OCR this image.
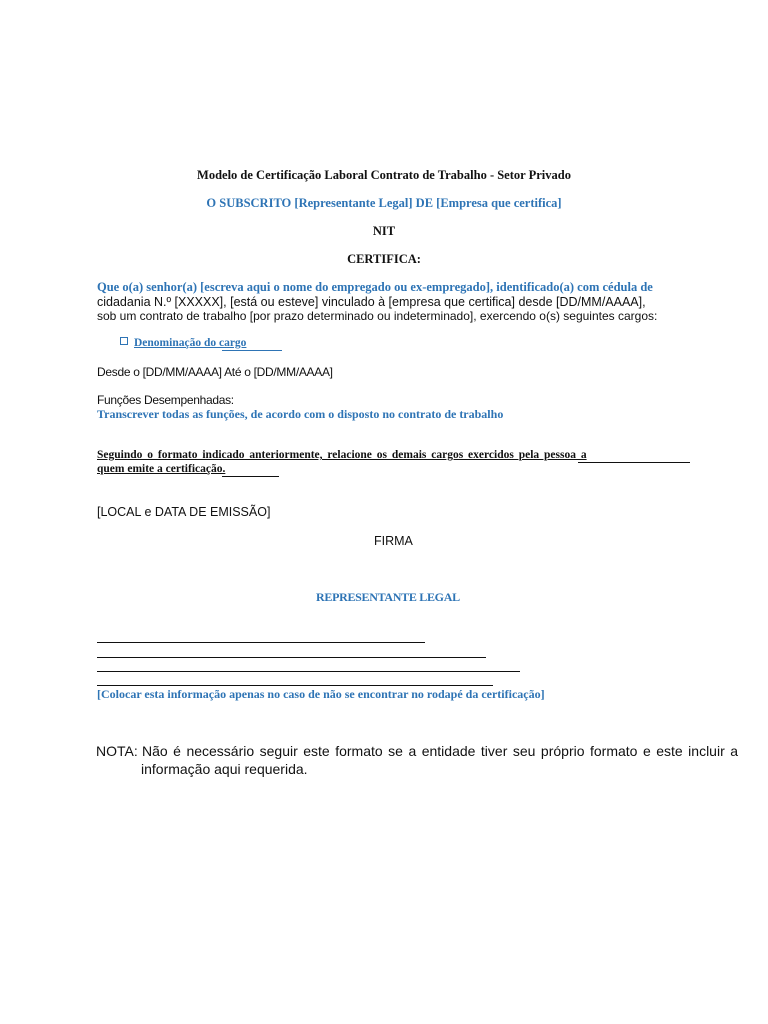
Modelo de Certificação Laboral Contrato de Trabalho - Setor Privado
O SUBSCRITO [Representante Legal] DE [Empresa que certifica]
NIT
CERTIFICA:
Que o(a) senhor(a) [escreva aqui o nome do empregado ou ex-empregado], identificado(a) com cédula de
cidadania N.º [XXXXX], [está ou esteve] vinculado à [empresa que certifica] desde [DD/MM/AAAA],
sob um contrato de trabalho [por prazo determinado ou indeterminado], exercendo o(s) seguintes cargos:
Denominação do cargo
Desde o [DD/MM/AAAA] Até o [DD/MM/AAAA]
Funções Desempenhadas:
Transcrever todas as funções, de acordo com o disposto no contrato de trabalho
Seguindo o formato indicado anteriormente, relacione os demais cargos exercidos pela pessoa a
quem emite a certificação.
[LOCAL e DATA DE EMISSÃO]
FIRMA
REPRESENTANTE LEGAL
[Colocar esta informação apenas no caso de não se encontrar no rodapé da certificação]
NOTA: Não é necessário seguir este formato se a entidade tiver seu próprio formato e este incluir a
informação aqui requerida.
